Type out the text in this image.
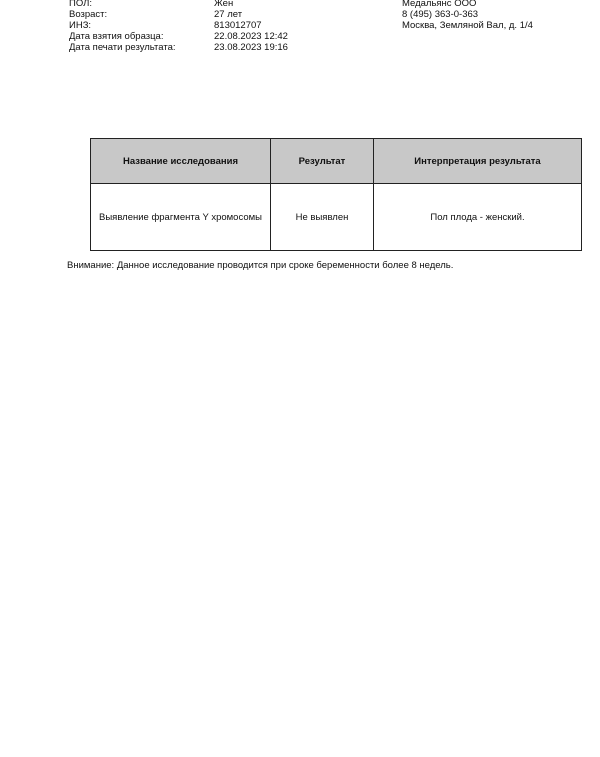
ПОЛ:	Жен
Возраст:	27 лет
ИНЗ:	813012707
Дата взятия образца:	22.08.2023 12:42
Дата печати результата:	23.08.2023 19:16
Медальянс ООО
8 (495) 363-0-363
Москва, Земляной Вал, д. 1/4
Название исследования	Результат	Интерпретация результата
Выявление фрагмента Y хромосомы	Не выявлен	Пол плода - женский.
Внимание: Данное исследование проводится при сроке беременности более 8 недель.
